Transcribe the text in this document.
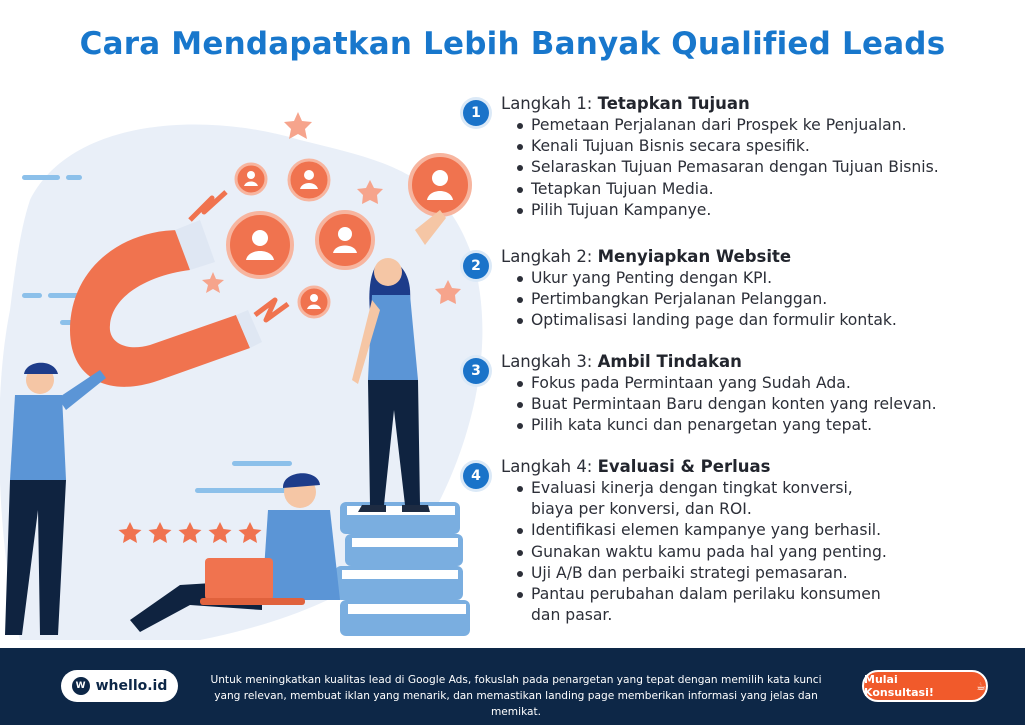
Cara Mendapatkan Lebih Banyak Qualified Leads
1	Langkah 1: Tetapkan Tujuan
Pemetaan Perjalanan dari Prospek ke Penjualan.
Kenali Tujuan Bisnis secara spesifik.
Selaraskan Tujuan Pemasaran dengan Tujuan Bisnis.
Tetapkan Tujuan Media.
Pilih Tujuan Kampanye.
2	Langkah 2: Menyiapkan Website
Ukur yang Penting dengan KPI.
Pertimbangkan Perjalanan Pelanggan.
Optimalisasi landing page dan formulir kontak.
3	Langkah 3: Ambil Tindakan
Fokus pada Permintaan yang Sudah Ada.
Buat Permintaan Baru dengan konten yang relevan.
Pilih kata kunci dan penargetan yang tepat.
4	Langkah 4: Evaluasi & Perluas
Evaluasi kinerja dengan tingkat konversi,
biaya per konversi, dan ROI.
Identifikasi elemen kampanye yang berhasil.
Gunakan waktu kamu pada hal yang penting.
Uji A/B dan perbaiki strategi pemasaran.
Pantau perubahan dalam perilaku konsumen
dan pasar.
W whello.id	Untuk meningkatkan kualitas lead di Google Ads, fokuslah pada penargetan yang tepat dengan memilih kata kunci yang relevan, membuat iklan yang menarik, dan memastikan landing page memberikan informasi yang jelas dan memikat.
Mulai Konsultasi!	☕
